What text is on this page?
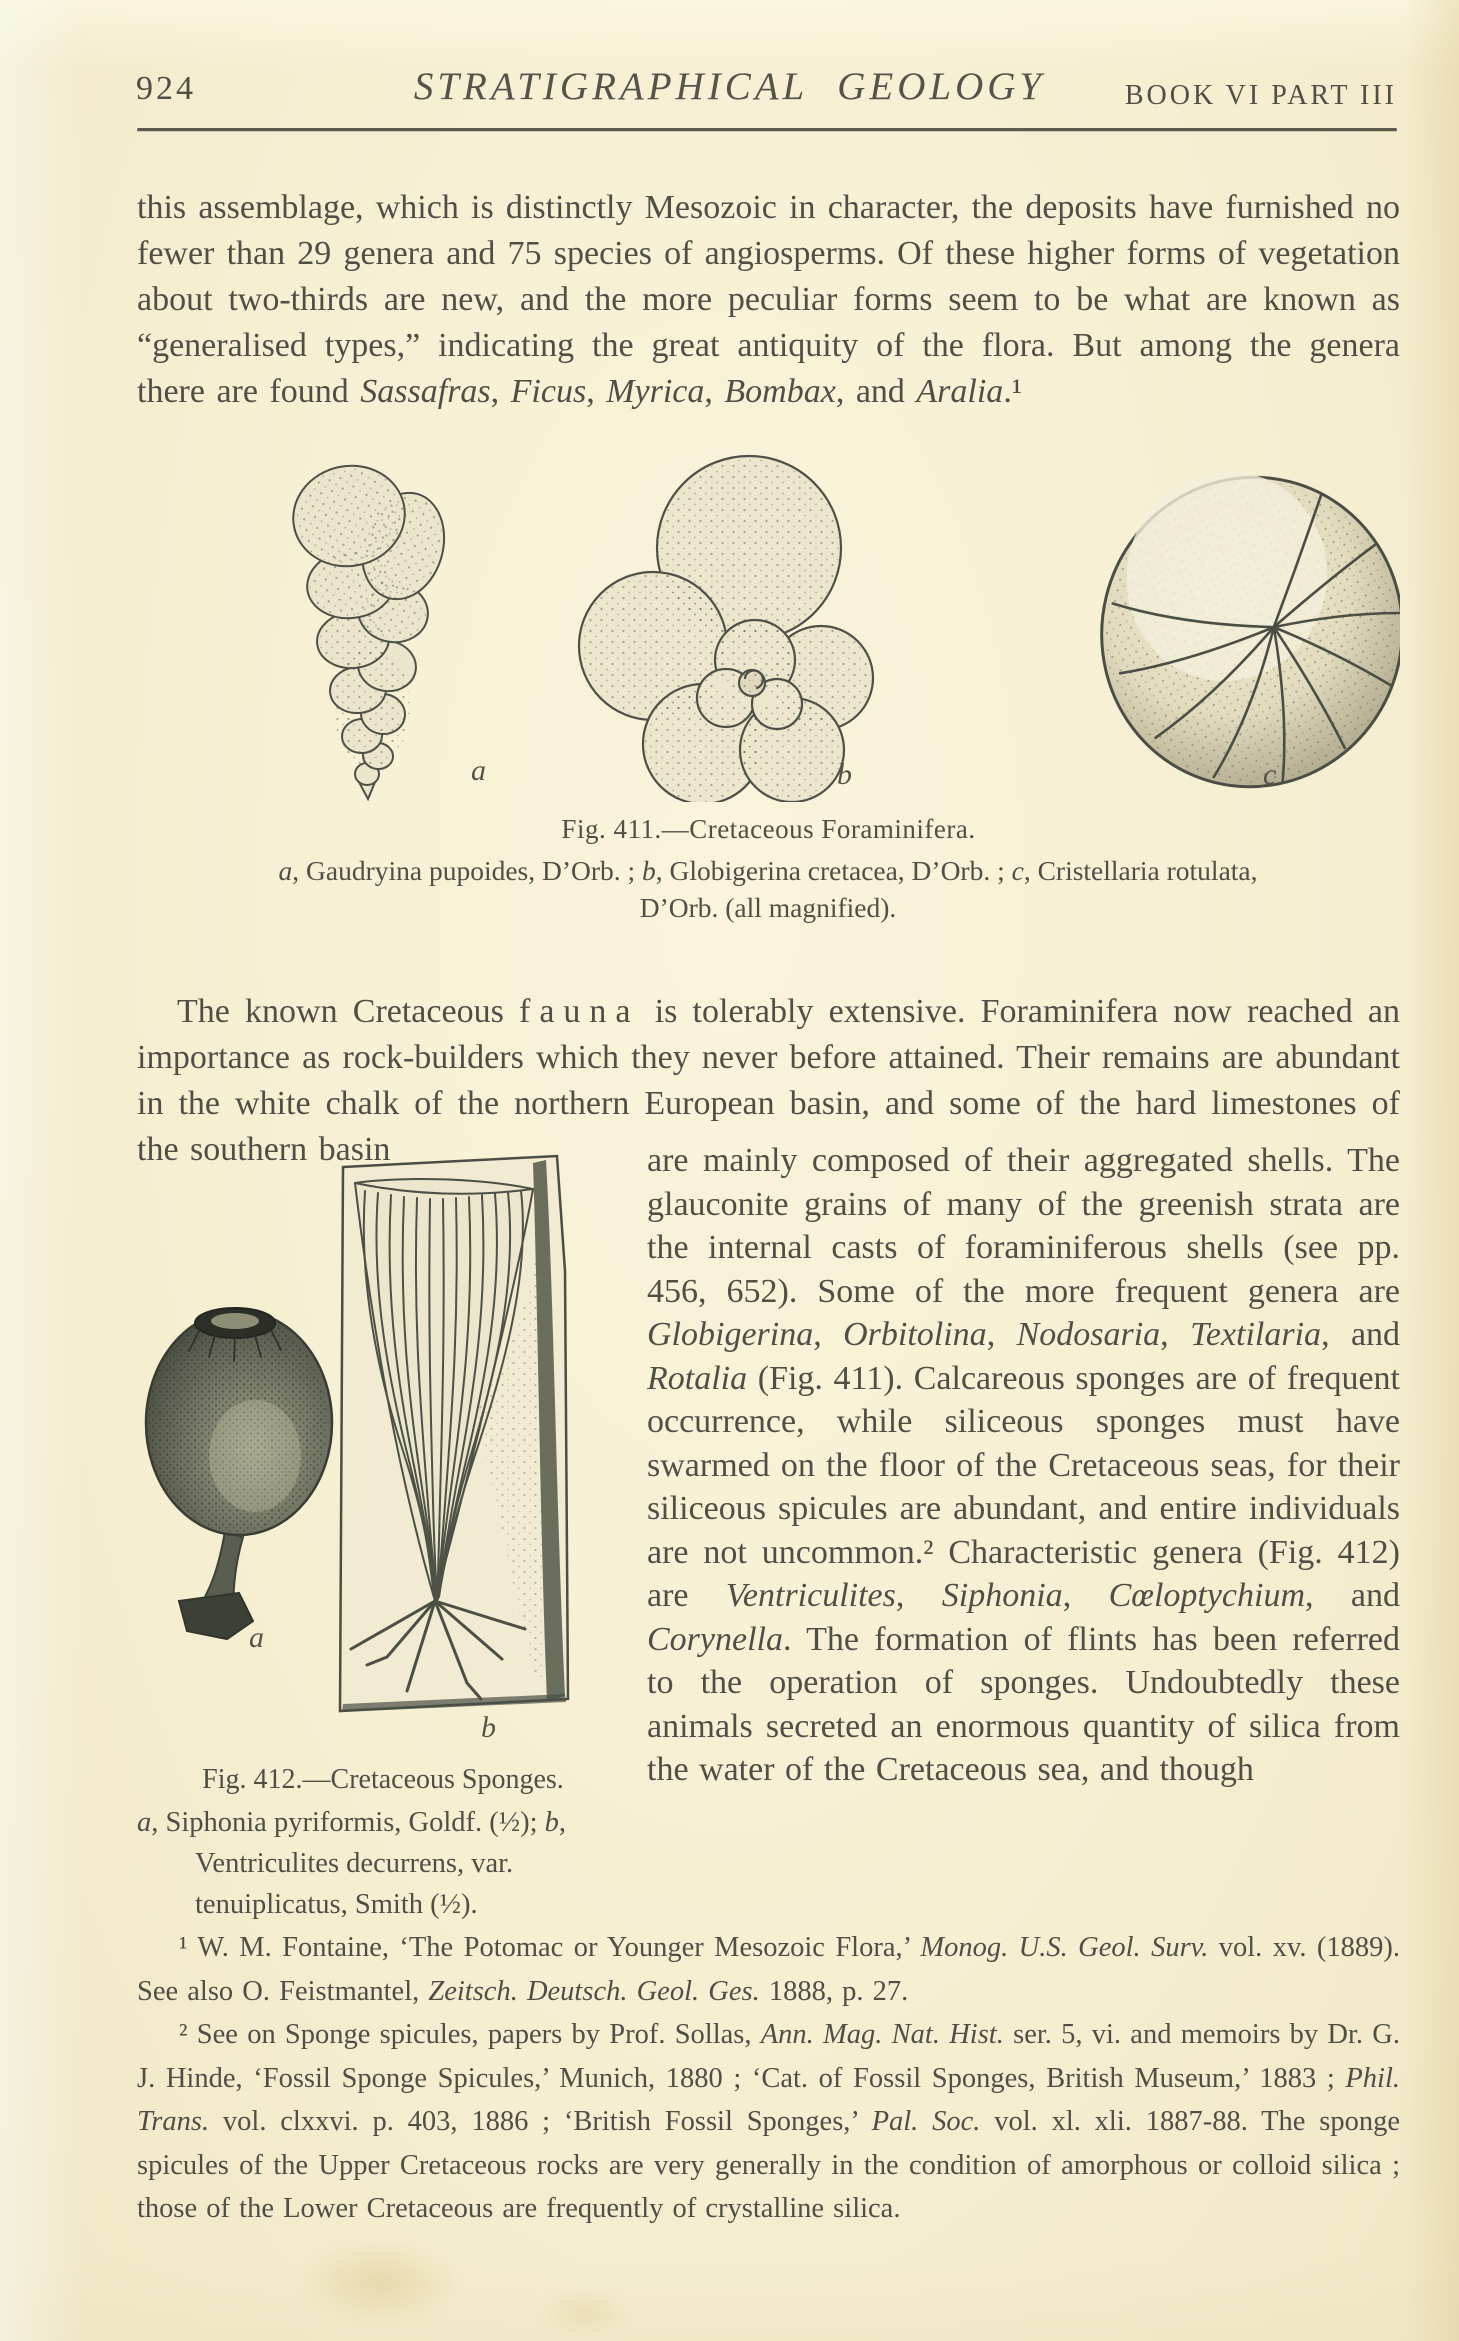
924	STRATIGRAPHICAL GEOLOGY	BOOK VI PART III

this assemblage, which is distinctly Mesozoic in character, the deposits have furnished no fewer than 29 genera and 75 species of angiosperms. Of these higher forms of vegetation about two-thirds are new, and the more peculiar forms seem to be what are known as “generalised types,” indicating the great antiquity of the flora. But among the genera there are found Sassafras, Ficus, Myrica, Bombax, and Aralia.¹

a	b	c
Fig. 411.—Cretaceous Foraminifera.
a, Gaudryina pupoides, D’Orb. ; b, Globigerina cretacea, D’Orb. ; c, Cristellaria rotulata, D’Orb. (all magnified).

The known Cretaceous fauna is tolerably extensive. Foraminifera now reached an importance as rock-builders which they never before attained. Their remains are abundant in the white chalk of the northern European basin, and some of the hard limestones of the southern basin

a
b
Fig. 412.—Cretaceous Sponges.
a, Siphonia pyriformis, Goldf. (½); b, Ventriculites decurrens, var. tenuiplicatus, Smith (½).

are mainly composed of their aggregated shells. The glauconite grains of many of the greenish strata are the internal casts of foraminiferous shells (see pp. 456, 652). Some of the more frequent genera are Globigerina, Orbitolina, Nodosaria, Textilaria, and Rotalia (Fig. 411). Calcareous sponges are of frequent occurrence, while siliceous sponges must have swarmed on the floor of the Cretaceous seas, for their siliceous spicules are abundant, and entire individuals are not uncommon.² Characteristic genera (Fig. 412) are Ventriculites, Siphonia, Cœloptychium, and Corynella. The formation of flints has been referred to the operation of sponges. Undoubtedly these animals secreted an enormous quantity of silica from the water of the Cretaceous sea, and though

¹ W. M. Fontaine, ‘The Potomac or Younger Mesozoic Flora,’ Monog. U.S. Geol. Surv. vol. xv. (1889). See also O. Feistmantel, Zeitsch. Deutsch. Geol. Ges. 1888, p. 27.

² See on Sponge spicules, papers by Prof. Sollas, Ann. Mag. Nat. Hist. ser. 5, vi. and memoirs by Dr. G. J. Hinde, ‘Fossil Sponge Spicules,’ Munich, 1880 ; ‘Cat. of Fossil Sponges, British Museum,’ 1883 ; Phil. Trans. vol. clxxvi. p. 403, 1886 ; ‘British Fossil Sponges,’ Pal. Soc. vol. xl. xli. 1887-88. The sponge spicules of the Upper Cretaceous rocks are very generally in the condition of amorphous or colloid silica ; those of the Lower Cretaceous are frequently of crystalline silica.
